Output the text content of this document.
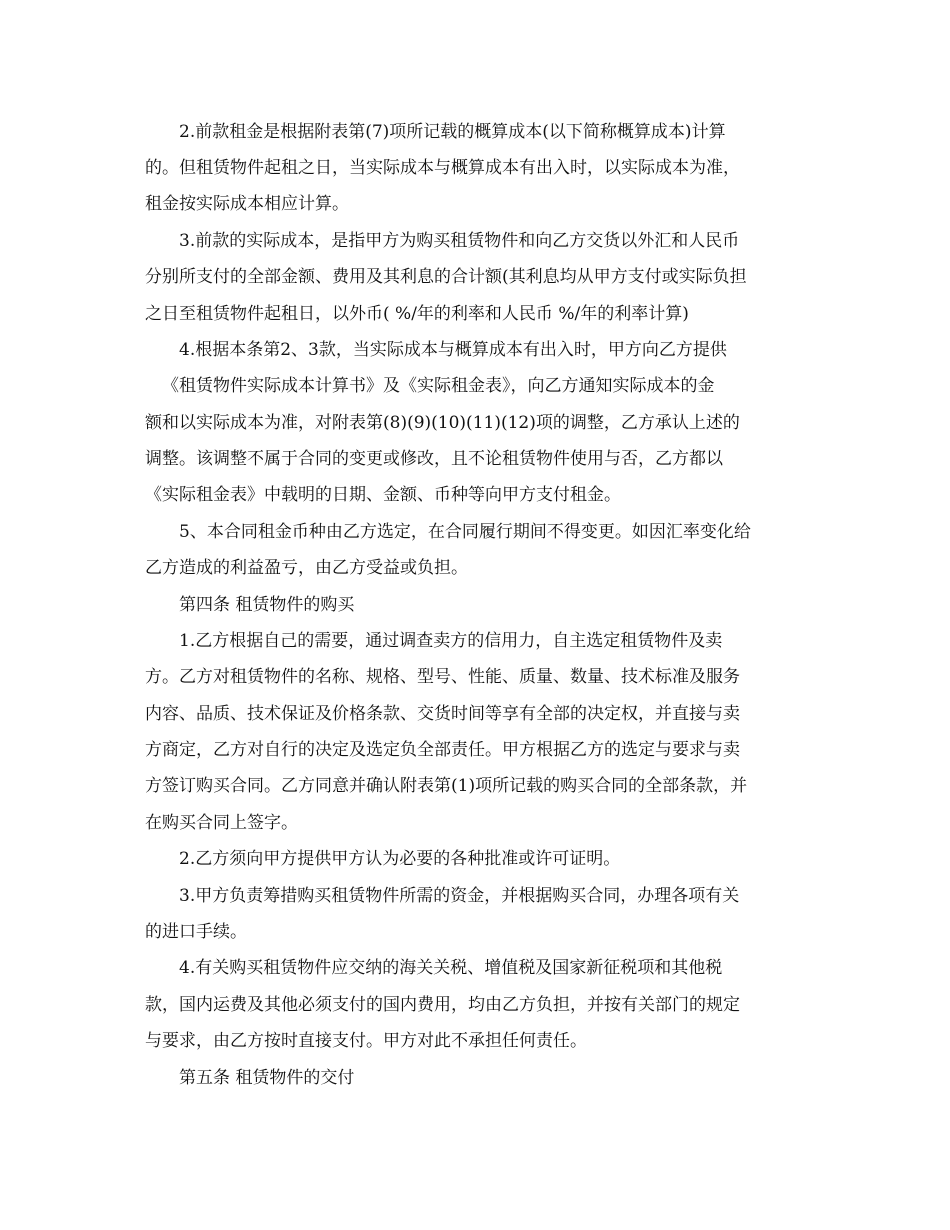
2.前款租金是根据附表第(7)项所记载的概算成本(以下简称概算成本)计算
的。但租赁物件起租之日，当实际成本与概算成本有出入时，以实际成本为准，
租金按实际成本相应计算。
3.前款的实际成本，是指甲方为购买租赁物件和向乙方交货以外汇和人民币
分别所支付的全部金额、费用及其利息的合计额(其利息均从甲方支付或实际负担
之日至租赁物件起租日，以外币( %/年的利率和人民币 %/年的利率计算)
4.根据本条第2、3款，当实际成本与概算成本有出入时，甲方向乙方提供
《租赁物件实际成本计算书》及《实际租金表》，向乙方通知实际成本的金
额和以实际成本为准，对附表第(8)(9)(10)(11)(12)项的调整，乙方承认上述的
调整。该调整不属于合同的变更或修改，且不论租赁物件使用与否，乙方都以
《实际租金表》中载明的日期、金额、币种等向甲方支付租金。
5、本合同租金币种由乙方选定，在合同履行期间不得变更。如因汇率变化给
乙方造成的利益盈亏，由乙方受益或负担。
第四条 租赁物件的购买
1.乙方根据自己的需要，通过调查卖方的信用力，自主选定租赁物件及卖
方。乙方对租赁物件的名称、规格、型号、性能、质量、数量、技术标准及服务
内容、品质、技术保证及价格条款、交货时间等享有全部的决定权，并直接与卖
方商定，乙方对自行的决定及选定负全部责任。甲方根据乙方的选定与要求与卖
方签订购买合同。乙方同意并确认附表第(1)项所记载的购买合同的全部条款，并
在购买合同上签字。
2.乙方须向甲方提供甲方认为必要的各种批准或许可证明。
3.甲方负责筹措购买租赁物件所需的资金，并根据购买合同，办理各项有关
的进口手续。
4.有关购买租赁物件应交纳的海关关税、增值税及国家新征税项和其他税
款，国内运费及其他必须支付的国内费用，均由乙方负担，并按有关部门的规定
与要求，由乙方按时直接支付。甲方对此不承担任何责任。
第五条 租赁物件的交付
